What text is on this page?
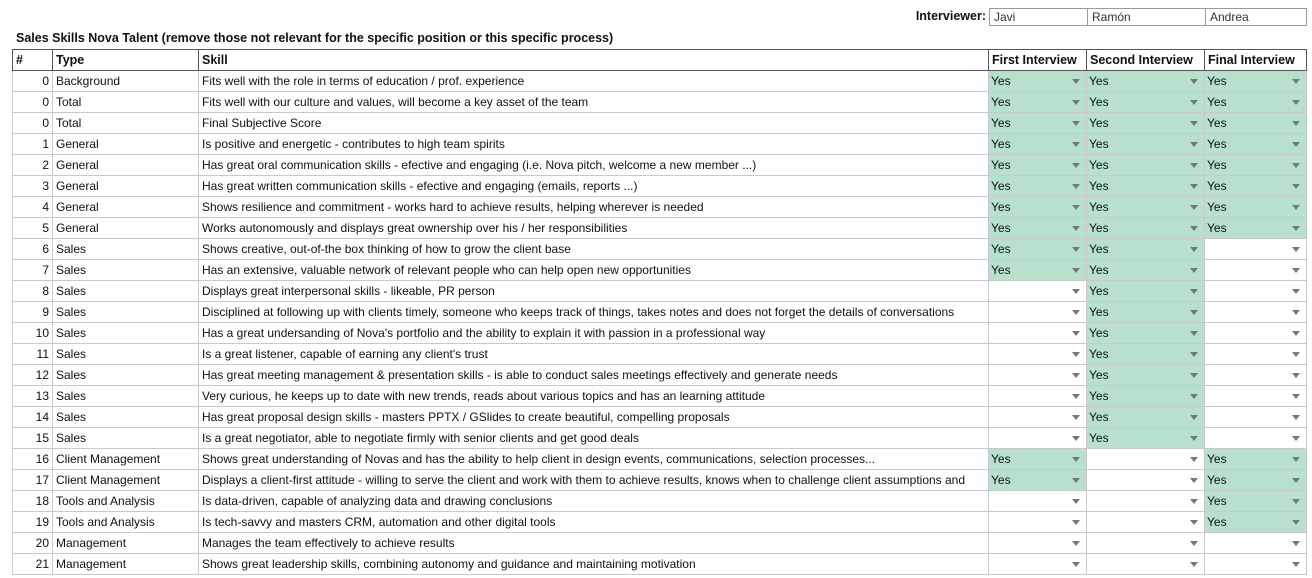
Interviewer: Javi	Ramón	Andrea
Sales Skills Nova Talent (remove those not relevant for the specific position or this specific process)
#	Type	Skill	First Interview	Second Interview	Final Interview
0	Background	Fits well with the role in terms of education / prof. experience	Yes	Yes	Yes

0	Total	Fits well with our culture and values, will become a key asset of the team	Yes	Yes	Yes

0	Total	Final Subjective Score	Yes	Yes	Yes

1	General	Is positive and energetic - contributes to high team spirits	Yes	Yes	Yes

2	General	Has great oral communication skills - efective and engaging (i.e. Nova pitch, welcome a new member ...)	Yes	Yes	Yes

3	General	Has great written communication skills - efective and engaging (emails, reports ...)	Yes	Yes	Yes

4	General	Shows resilience and commitment - works hard to achieve results, helping wherever is needed	Yes	Yes	Yes

5	General	Works autonomously and displays great ownership over his / her responsibilities	Yes	Yes	Yes

6	Sales	Shows creative, out-of-the box thinking of how to grow the client base	Yes	Yes

7	Sales	Has an extensive, valuable network of relevant people who can help open new opportunities	Yes	Yes

8	Sales	Displays great interpersonal skills - likeable, PR person		Yes

9	Sales	Disciplined at following up with clients timely, someone who keeps track of things, takes notes and does not forget the details of conversations		Yes

10	Sales	Has a great undersanding of Nova's portfolio and the ability to explain it with passion in a professional way		Yes

11	Sales	Is a great listener, capable of earning any client's trust		Yes

12	Sales	Has great meeting management & presentation skills - is able to conduct sales meetings effectively and generate needs		Yes

13	Sales	Very curious, he keeps up to date with new trends, reads about various topics and has an learning attitude		Yes

14	Sales	Has great proposal design skills - masters PPTX / GSlides to create beautiful, compelling proposals		Yes

15	Sales	Is a great negotiator, able to negotiate firmly with senior clients and get good deals		Yes

16	Client Management	Shows great understanding of Novas and has the ability to help client in design events, communications, selection processes...	Yes		Yes

17	Client Management	Displays a client-first attitude - willing to serve the client and work with them to achieve results, knows when to challenge client assumptions and	Yes		Yes

18	Tools and Analysis	Is data-driven, capable of analyzing data and drawing conclusions			Yes

19	Tools and Analysis	Is tech-savvy and masters CRM, automation and other digital tools			Yes

20	Management	Manages the team effectively to achieve results	

21	Management	Shows great leadership skills, combining autonomy and guidance and maintaining motivation	
